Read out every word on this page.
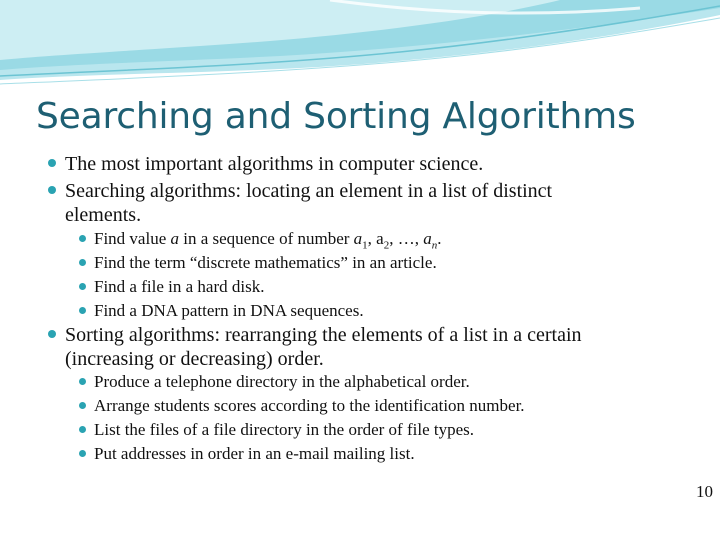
Searching and Sorting Algorithms
The most important algorithms in computer science.
Searching algorithms: locating an element in a list of distinct
elements.
Find value a in a sequence of number $a_1$, $a_2$, …, $a_n$.
Find the term “discrete mathematics” in an article.
Find a file in a hard disk.
Find a DNA pattern in DNA sequences.
Sorting algorithms: rearranging the elements of a list in a certain
(increasing or decreasing) order.
Produce a telephone directory in the alphabetical order.
Arrange students scores according to the identification number.
List the files of a file directory in the order of file types.
Put addresses in order in an e-mail mailing list.
10
